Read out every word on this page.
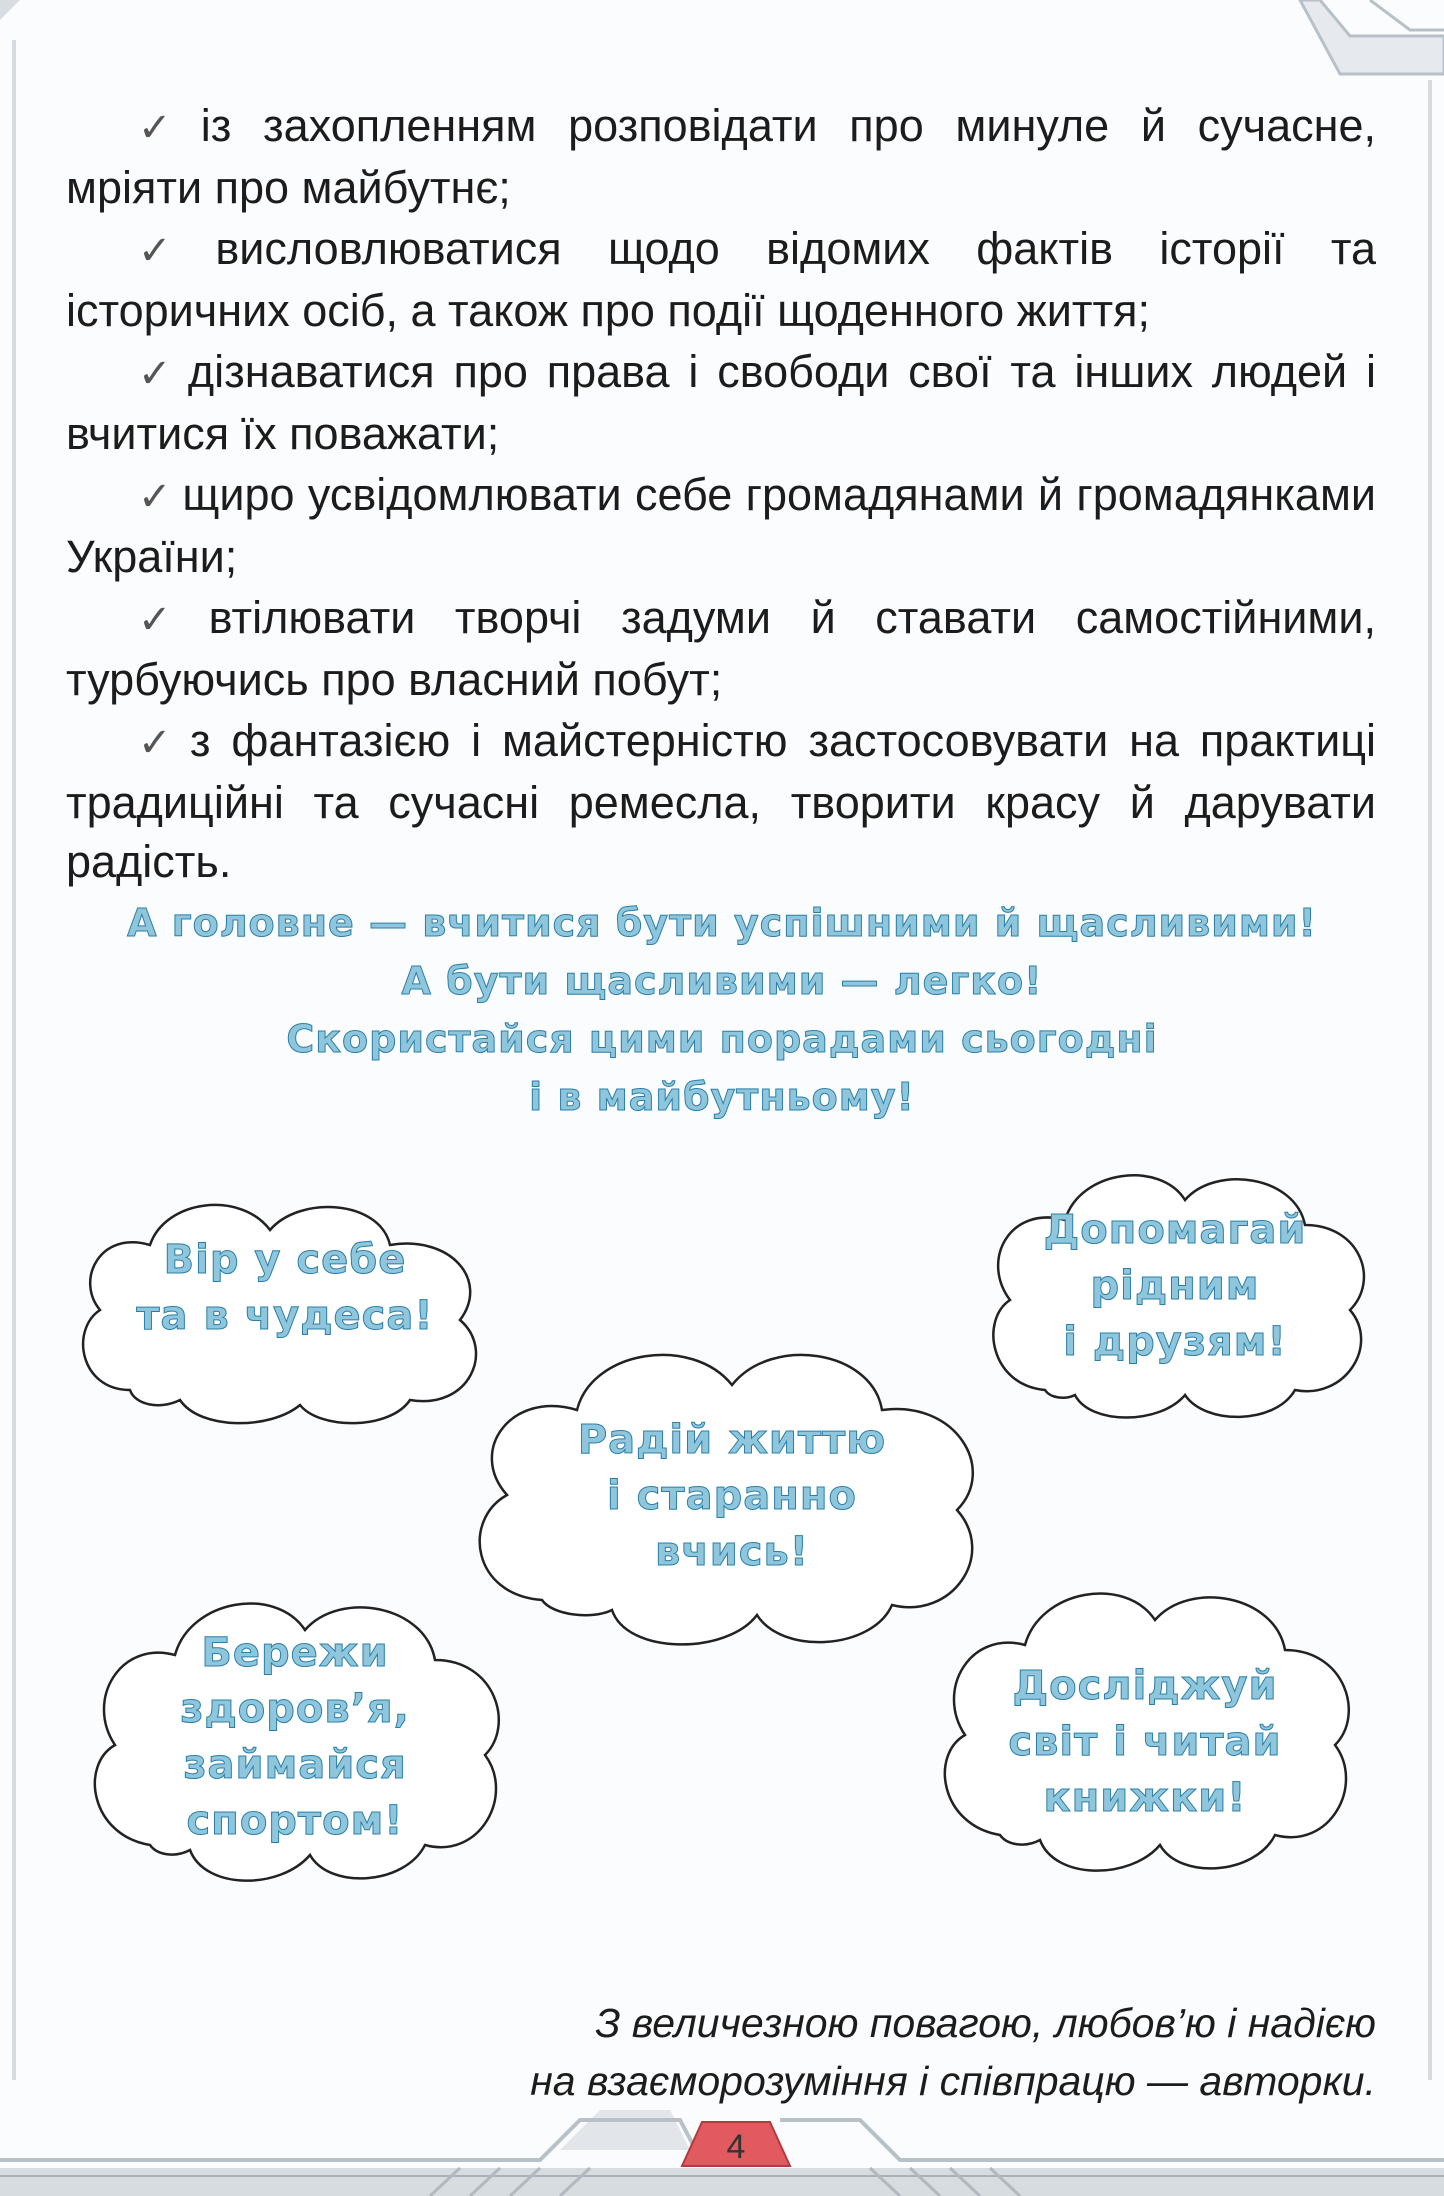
✓ із захопленням розповідати про минуле й сучасне, мріяти про майбутнє;
✓ висловлюватися щодо відомих фактів історії та історичних осіб, а також про події щоденного життя;
✓ дізнаватися про права і свободи свої та інших людей і вчитися їх поважати;
✓ щиро усвідомлювати себе громадянами й громадянками України;
✓ втілювати творчі задуми й ставати самостійними, турбуючись про власний побут;
✓ з фантазією і майстерністю застосовувати на практиці традиційні та сучасні ремесла, творити красу й дарувати радість.
А головне — вчитися бути успішними й щасливими!
А бути щасливими — легко!
Скористайся цими порадами сьогодні
і в майбутньому!
Вір у себе
та в чудеса!
Допомагай
рідним
і друзям!
Радій життю
і старанно
вчись!
Бережи
здоров’я,
займайся
спортом!
Досліджуй
світ і читай
книжки!
З величезною повагою, любов’ю і надією
на взаєморозуміння і співпрацю — авторки.
4
